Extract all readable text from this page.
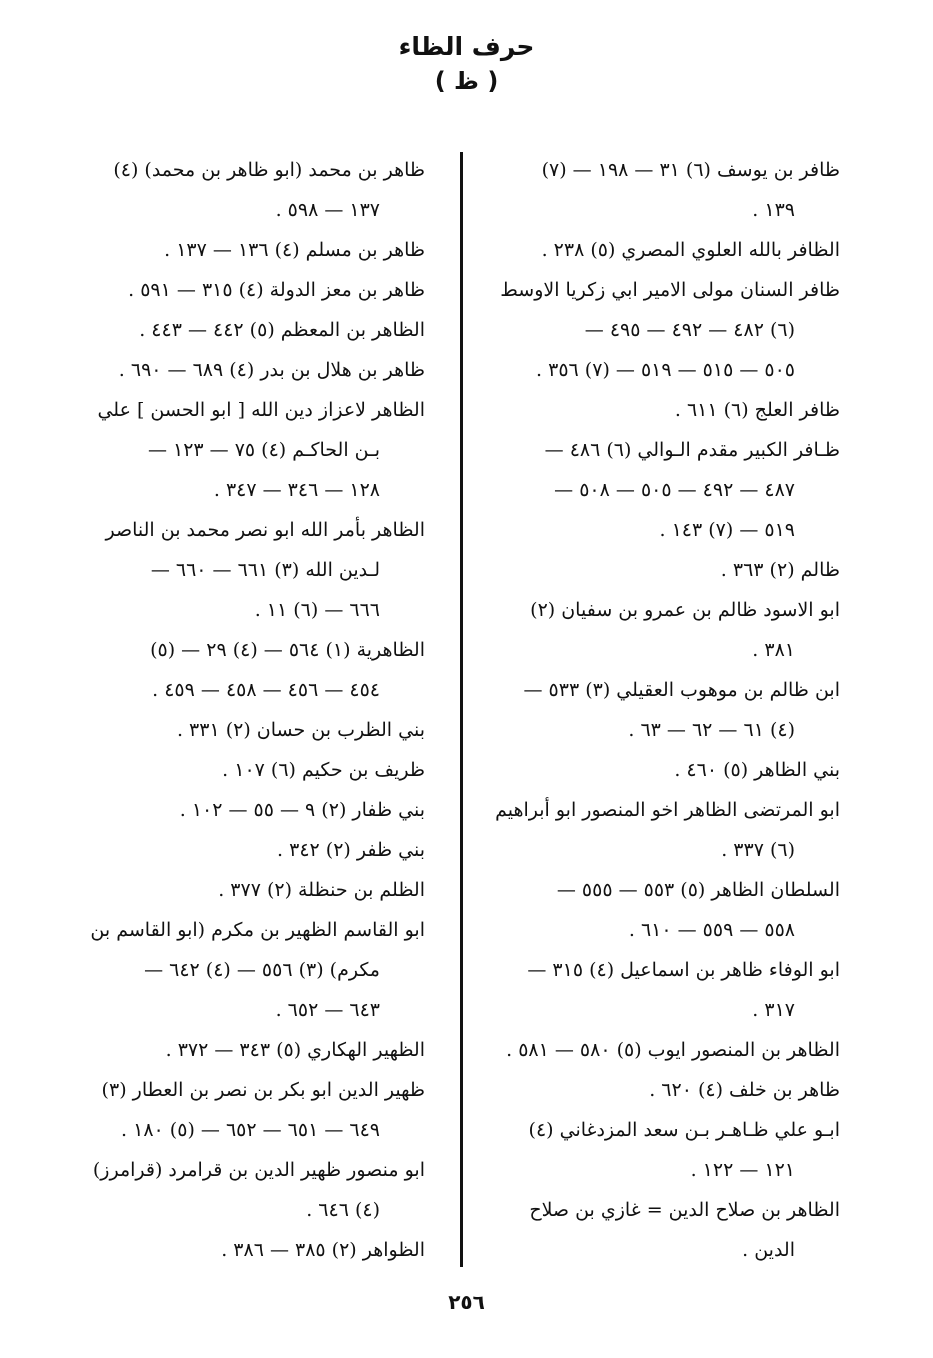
حرف الظاء
( ظ )

ظافر بن يوسف (٦) ٣١ — ١٩٨ — (٧)

١٣٩ .

الظافر بالله العلوي المصري (٥) ٢٣٨ .

ظافر السنان مولى الامير ابي زكريا الاوسط

(٦) ٤٨٢ — ٤٩٢ — ٤٩٥ —

٥٠٥ — ٥١٥ — ٥١٩ — (٧) ٣٥٦ .

ظافر العلج (٦) ٦١١ .

ظـافر الكبير مقدم الـوالي (٦) ٤٨٦ —

٤٨٧ — ٤٩٢ — ٥٠٥ — ٥٠٨ —

٥١٩ — (٧) ١٤٣ .

ظالم (٢) ٣٦٣ .

ابو الاسود ظالم بن عمرو بن سفيان (٢)

٣٨١ .

ابن ظالم بن موهوب العقيلي (٣) ٥٣٣ —

(٤) ٦١ — ٦٢ — ٦٣ .

بني الظاهر (٥) ٤٦٠ .

ابو المرتضى الظاهر اخو المنصور ابو أبراهيم

(٦) ٣٣٧ .

السلطان الظاهر (٥) ٥٥٣ — ٥٥٥ —

٥٥٨ — ٥٥٩ — ٦١٠ .

ابو الوفاء ظاهر بن اسماعيل (٤) ٣١٥ —

٣١٧ .

الظاهر بن المنصور ايوب (٥) ٥٨٠ — ٥٨١ .

ظاهر بن خلف (٤) ٦٢٠ .

ابـو علي ظـاهـر بـن سعد المزدغاني (٤)

١٢١ — ١٢٢ .

الظاهر بن صلاح الدين = غازي بن صلاح

الدين .

ظاهر بن محمد (ابو ظاهر بن محمد) (٤)

١٣٧ — ٥٩٨ .

ظاهر بن مسلم (٤) ١٣٦ — ١٣٧ .

ظاهر بن معز الدولة (٤) ٣١٥ — ٥٩١ .

الظاهر بن المعظم (٥) ٤٤٢ — ٤٤٣ .

ظاهر بن هلال بن بدر (٤) ٦٨٩ — ٦٩٠ .

الظاهر لاعزاز دين الله [ ابو الحسن ] علي

بـن الحاكـم (٤) ٧٥ — ١٢٣ —

١٢٨ — ٣٤٦ — ٣٤٧ .

الظاهر بأمر الله ابو نصر محمد بن الناصر

لـدين الله (٣) ٦٦١ — ٦٦٠ —

٦٦٦ — (٦) ١١ .

الظاهرية (١) ٥٦٤ — (٤) ٢٩ — (٥)

٤٥٤ — ٤٥٦ — ٤٥٨ — ٤٥٩ .

بني الظرب بن حسان (٢) ٣٣١ .

ظريف بن حكيم (٦) ١٠٧ .

بني ظفار (٢) ٩ — ٥٥ — ١٠٢ .

بني ظفر (٢) ٣٤٢ .

الظلم بن حنظلة (٢) ٣٧٧ .

ابو القاسم الظهير بن مكرم (ابو القاسم بن

مكرم) (٣) ٥٥٦ — (٤) ٦٤٢ —

٦٤٣ — ٦٥٢ .

الظهير الهكاري (٥) ٣٤٣ — ٣٧٢ .

ظهير الدين ابو بكر بن نصر بن العطار (٣)

٦٤٩ — ٦٥١ — ٦٥٢ — (٥) ١٨٠ .

ابو منصور ظهير الدين بن قرامرد (قرامرز)

(٤) ٦٤٦ .

الظواهر (٢) ٣٨٥ — ٣٨٦ .

٢٥٦
